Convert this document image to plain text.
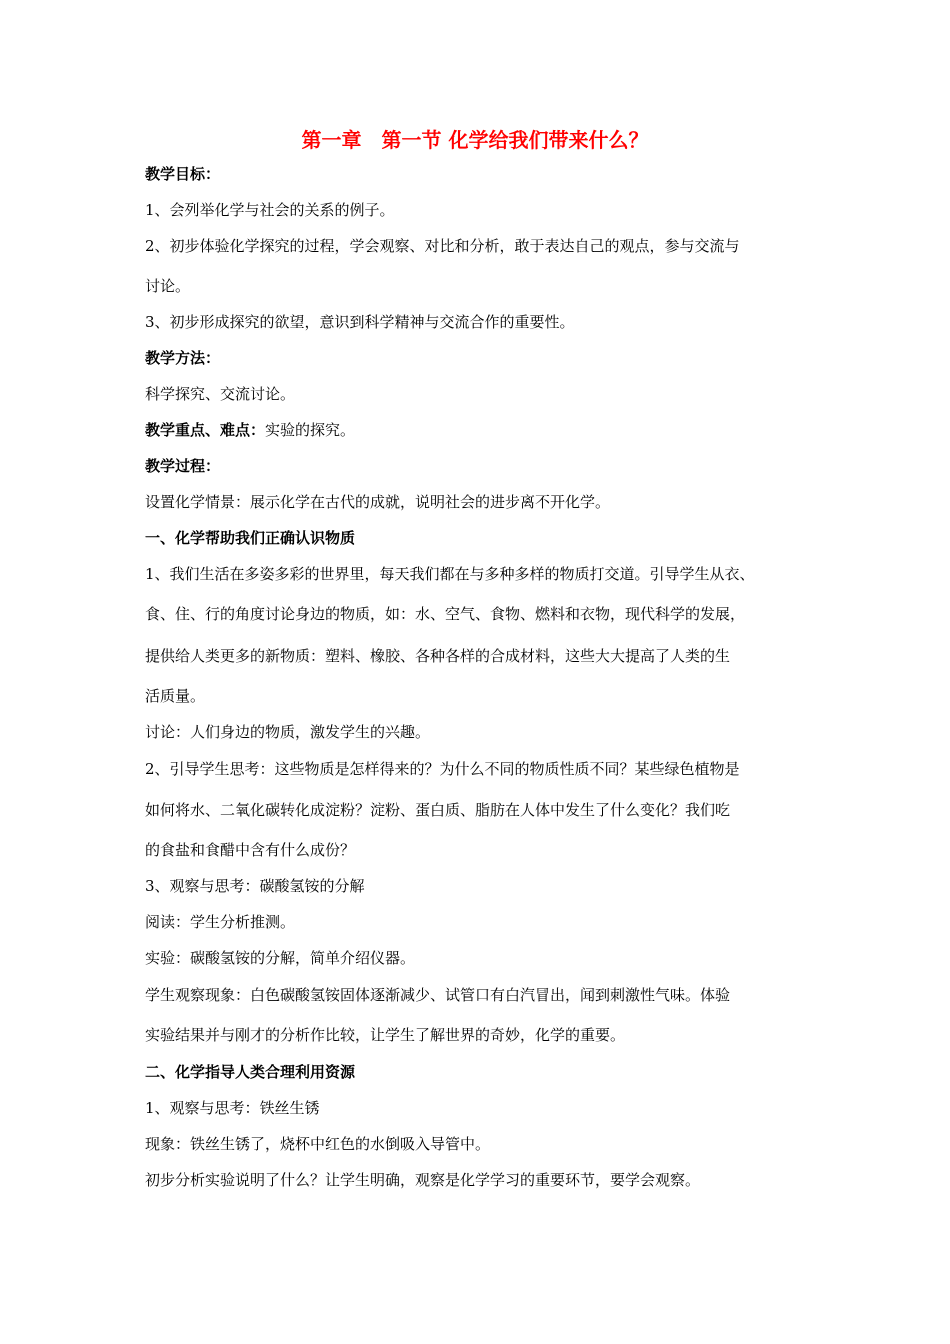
第一章　第一节 化学给我们带来什么？
教学目标：
1、会列举化学与社会的关系的例子。
2、初步体验化学探究的过程，学会观察、对比和分析，敢于表达自己的观点，参与交流与
讨论。
3、初步形成探究的欲望，意识到科学精神与交流合作的重要性。
教学方法：
科学探究、交流讨论。
教学重点、难点：实验的探究。
教学过程：
设置化学情景：展示化学在古代的成就，说明社会的进步离不开化学。
一、化学帮助我们正确认识物质
1、我们生活在多姿多彩的世界里，每天我们都在与多种多样的物质打交道。引导学生从衣、
食、住、行的角度讨论身边的物质，如：水、空气、食物、燃料和衣物，现代科学的发展，
提供给人类更多的新物质：塑料、橡胶、各种各样的合成材料，这些大大提高了人类的生
活质量。
讨论：人们身边的物质，激发学生的兴趣。
2、引导学生思考：这些物质是怎样得来的？为什么不同的物质性质不同？某些绿色植物是
如何将水、二氧化碳转化成淀粉？淀粉、蛋白质、脂肪在人体中发生了什么变化？我们吃
的食盐和食醋中含有什么成份？
3、观察与思考：碳酸氢铵的分解
阅读：学生分析推测。
实验：碳酸氢铵的分解，简单介绍仪器。
学生观察现象：白色碳酸氢铵固体逐渐减少、试管口有白汽冒出，闻到刺激性气味。体验
实验结果并与刚才的分析作比较，让学生了解世界的奇妙，化学的重要。
二、化学指导人类合理利用资源
1、观察与思考：铁丝生锈
现象：铁丝生锈了，烧杯中红色的水倒吸入导管中。
初步分析实验说明了什么？让学生明确，观察是化学学习的重要环节，要学会观察。
